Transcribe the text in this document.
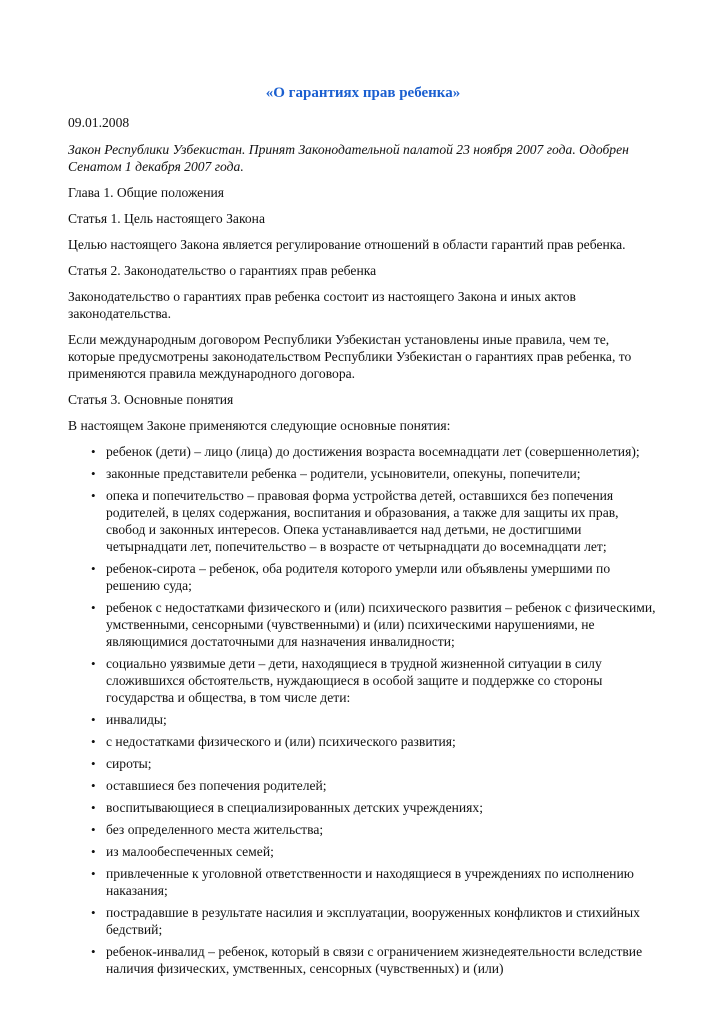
«О гарантиях прав ребенка»
09.01.2008
Закон Республики Узбекистан. Принят Законодательной палатой 23 ноября 2007 года. Одобрен Сенатом 1 декабря 2007 года.
Глава 1. Общие положения
Статья 1. Цель настоящего Закона
Целью настоящего Закона является регулирование отношений в области гарантий прав ребенка.
Статья 2. Законодательство о гарантиях прав ребенка
Законодательство о гарантиях прав ребенка состоит из настоящего Закона и иных актов законодательства.
Если международным договором Республики Узбекистан установлены иные правила, чем те, которые предусмотрены законодательством Республики Узбекистан о гарантиях прав ребенка, то применяются правила международного договора.
Статья 3. Основные понятия
В настоящем Законе применяются следующие основные понятия:
• ребенок (дети) – лицо (лица) до достижения возраста восемнадцати лет (совершеннолетия);
• законные представители ребенка – родители, усыновители, опекуны, попечители;
• опека и попечительство – правовая форма устройства детей, оставшихся без попечения родителей, в целях содержания, воспитания и образования, а также для защиты их прав, свобод и законных интересов. Опека устанавливается над детьми, не достигшими четырнадцати лет, попечительство – в возрасте от четырнадцати до восемнадцати лет;
• ребенок-сирота – ребенок, оба родителя которого умерли или объявлены умершими по решению суда;
• ребенок с недостатками физического и (или) психического развития – ребенок с физическими, умственными, сенсорными (чувственными) и (или) психическими нарушениями, не являющимися достаточными для назначения инвалидности;
• социально уязвимые дети – дети, находящиеся в трудной жизненной ситуации в силу сложившихся обстоятельств, нуждающиеся в особой защите и поддержке со стороны государства и общества, в том числе дети:
• инвалиды;
• с недостатками физического и (или) психического развития;
• сироты;
• оставшиеся без попечения родителей;
• воспитывающиеся в специализированных детских учреждениях;
• без определенного места жительства;
• из малообеспеченных семей;
• привлеченные к уголовной ответственности и находящиеся в учреждениях по исполнению наказания;
• пострадавшие в результате насилия и эксплуатации, вооруженных конфликтов и стихийных бедствий;
• ребенок-инвалид – ребенок, который в связи с ограничением жизнедеятельности вследствие наличия физических, умственных, сенсорных (чувственных) и (или)
